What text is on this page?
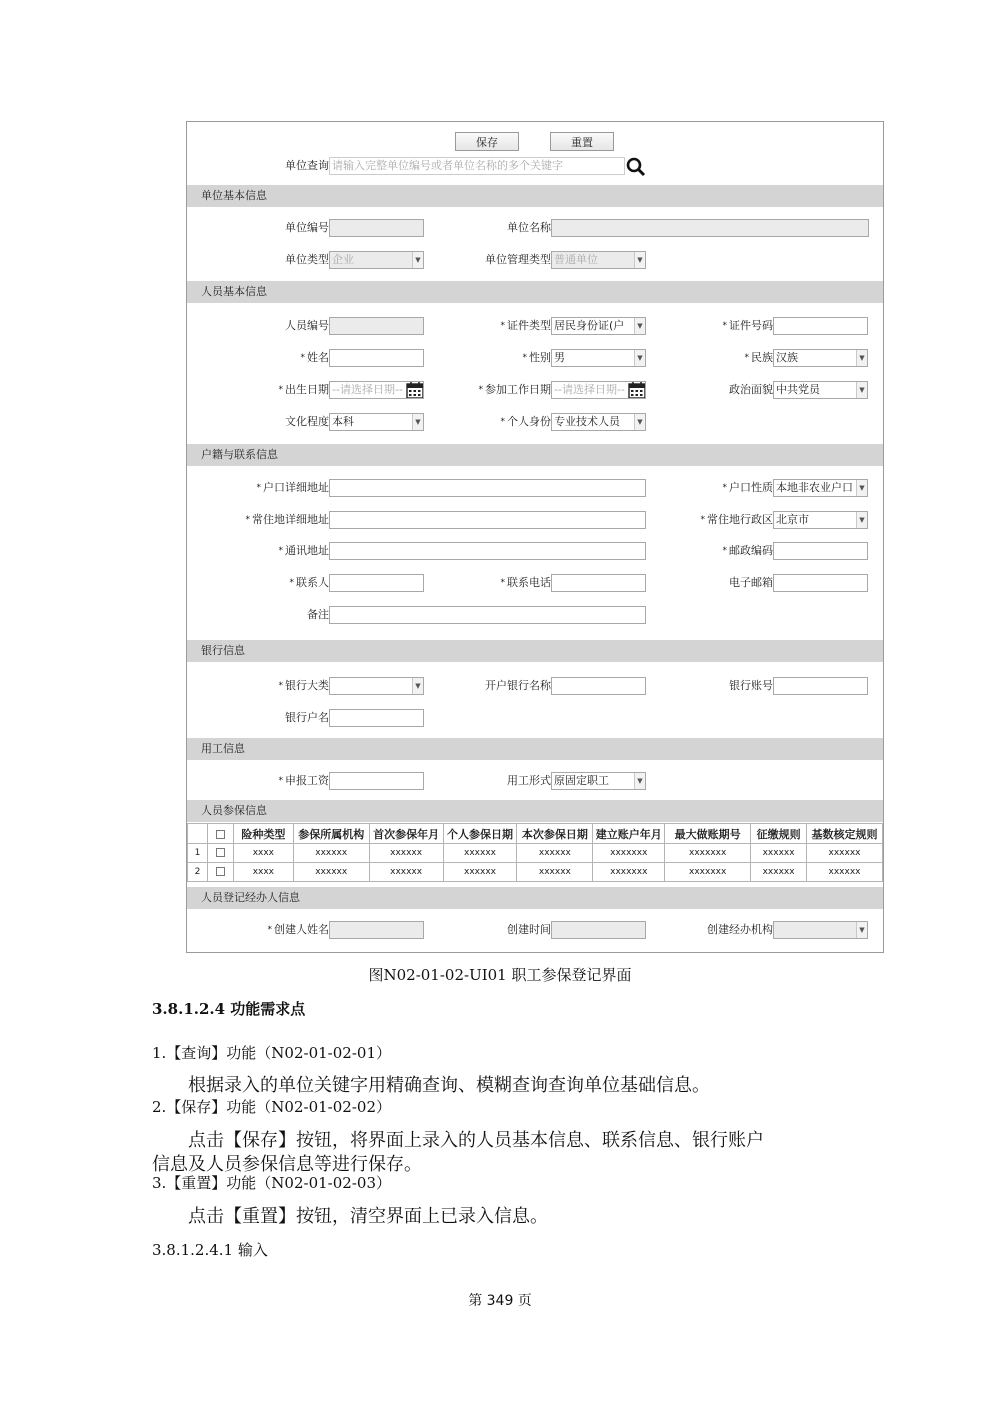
保存	重置
单位查询 请输入完整单位编号或者单位名称的多个关键字
单位基本信息
单位编号	单位名称
单位类型 企业	▼	单位管理类型 普通单位	▼
人员基本信息
人员编号	* 证件类型 居民身份证(户	▼	* 证件号码
* 姓名	* 性别 男	▼	* 民族 汉族	▼
* 出生日期 --请选择日期--	* 参加工作日期 --请选择日期--	政治面貌 中共党员	▼
文化程度 本科	▼	* 个人身份 专业技术人员	▼
户籍与联系信息
* 户口详细地址	* 户口性质 本地非农业户口 ▼
* 常住地详细地址	* 常住地行政区 北京市	▼
* 通讯地址	* 邮政编码
* 联系人	* 联系电话	电子邮箱
备注
银行信息
* 银行大类	▼	开户银行名称	银行账号
银行户名
用工信息
* 申报工资	用工形式 原固定职工	▼
人员参保信息
		险种类型	参保所属机构	首次参保年月	个人参保日期	本次参保日期	建立账户年月	最大做账期号	征缴规则	基数核定规则
1		xxxx	xxxxxx	xxxxxx	xxxxxx	xxxxxx	xxxxxxx	xxxxxxx	xxxxxx	xxxxxx
2		xxxx	xxxxxx	xxxxxx	xxxxxx	xxxxxx	xxxxxxx	xxxxxxx	xxxxxx	xxxxxx
人员登记经办人信息
* 创建人姓名	创建时间	创建经办机构	▼
图N02-01-02-UI01 职工参保登记界面
3.8.1.2.4 功能需求点
1.【查询】功能（N02-01-02-01）
根据录入的单位关键字用精确查询、模糊查询查询单位基础信息。
2.【保存】功能（N02-01-02-02）
点击【保存】按钮，将界面上录入的人员基本信息、联系信息、银行账户
信息及人员参保信息等进行保存。
3.【重置】功能（N02-01-02-03）
点击【重置】按钮，清空界面上已录入信息。
3.8.1.2.4.1 输入
第 349 页
